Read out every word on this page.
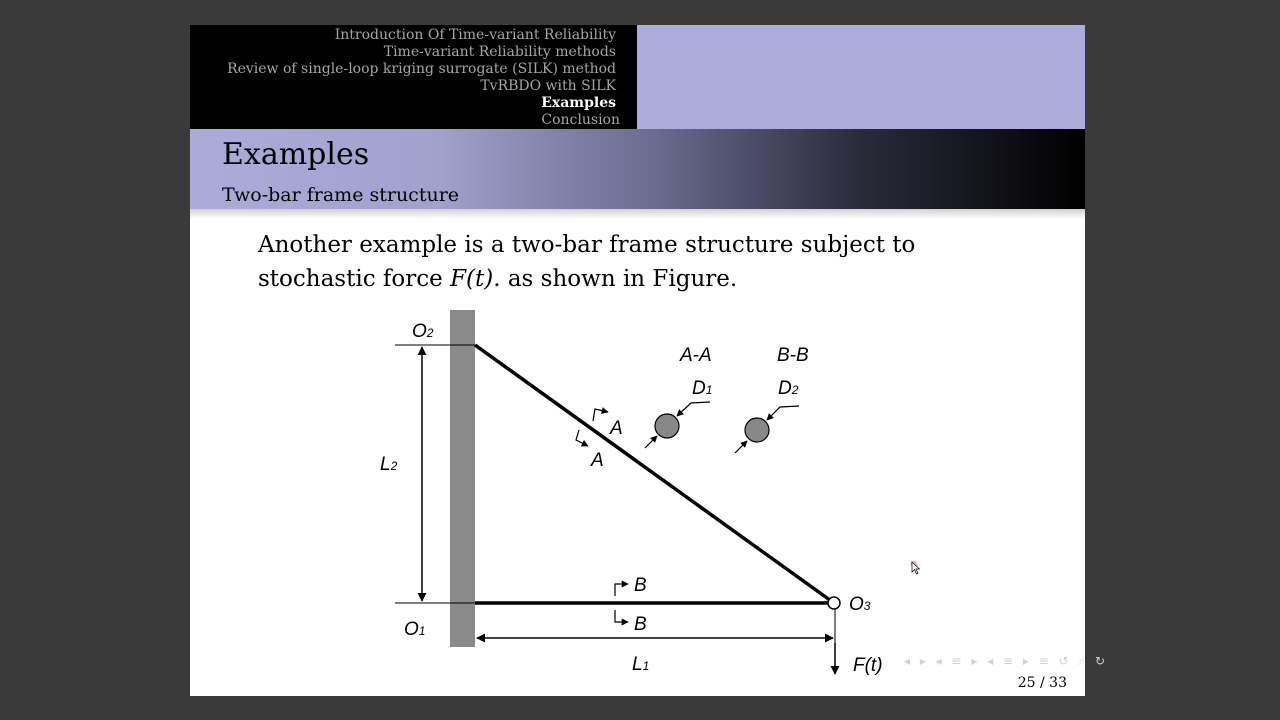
Introduction Of Time-variant Reliability
Time-variant Reliability methods
Review of single-loop kriging surrogate (SILK) method
TvRBDO with SILK
Examples
Conclusion
Examples
Two-bar frame structure
Another example is a two-bar frame structure subject to
stochastic force F(t). as shown in Figure.
O2
O1
O3
L2
L1	F(t)
A-A	B-B
D1	D2
A
A
B
B
◂ ▸ ◂ ≡ ▸ ◂ ≡ ▸ ≡ ↺ ⌕ ↻
25 / 33
